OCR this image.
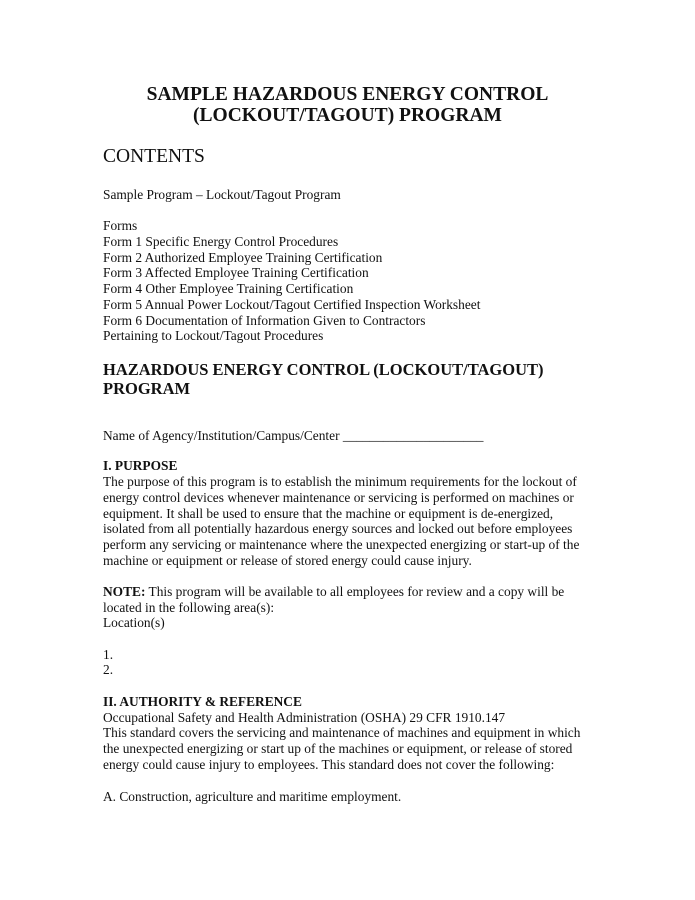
SAMPLE HAZARDOUS ENERGY CONTROL
(LOCKOUT/TAGOUT) PROGRAM
CONTENTS
Sample Program – Lockout/Tagout Program
Forms
Form 1 Specific Energy Control Procedures
Form 2 Authorized Employee Training Certification
Form 3 Affected Employee Training Certification
Form 4 Other Employee Training Certification
Form 5 Annual Power Lockout/Tagout Certified Inspection Worksheet
Form 6 Documentation of Information Given to Contractors
Pertaining to Lockout/Tagout Procedures
HAZARDOUS ENERGY CONTROL (LOCKOUT/TAGOUT)
PROGRAM
Name of Agency/Institution/Campus/Center _____________________
I. PURPOSE
The purpose of this program is to establish the minimum requirements for the lockout of
energy control devices whenever maintenance or servicing is performed on machines or
equipment. It shall be used to ensure that the machine or equipment is de-energized,
isolated from all potentially hazardous energy sources and locked out before employees
perform any servicing or maintenance where the unexpected energizing or start-up of the
machine or equipment or release of stored energy could cause injury.
NOTE: This program will be available to all employees for review and a copy will be
located in the following area(s):
Location(s)
1.
2.
II. AUTHORITY & REFERENCE
Occupational Safety and Health Administration (OSHA) 29 CFR 1910.147
This standard covers the servicing and maintenance of machines and equipment in which
the unexpected energizing or start up of the machines or equipment, or release of stored
energy could cause injury to employees. This standard does not cover the following:
A. Construction, agriculture and maritime employment.
